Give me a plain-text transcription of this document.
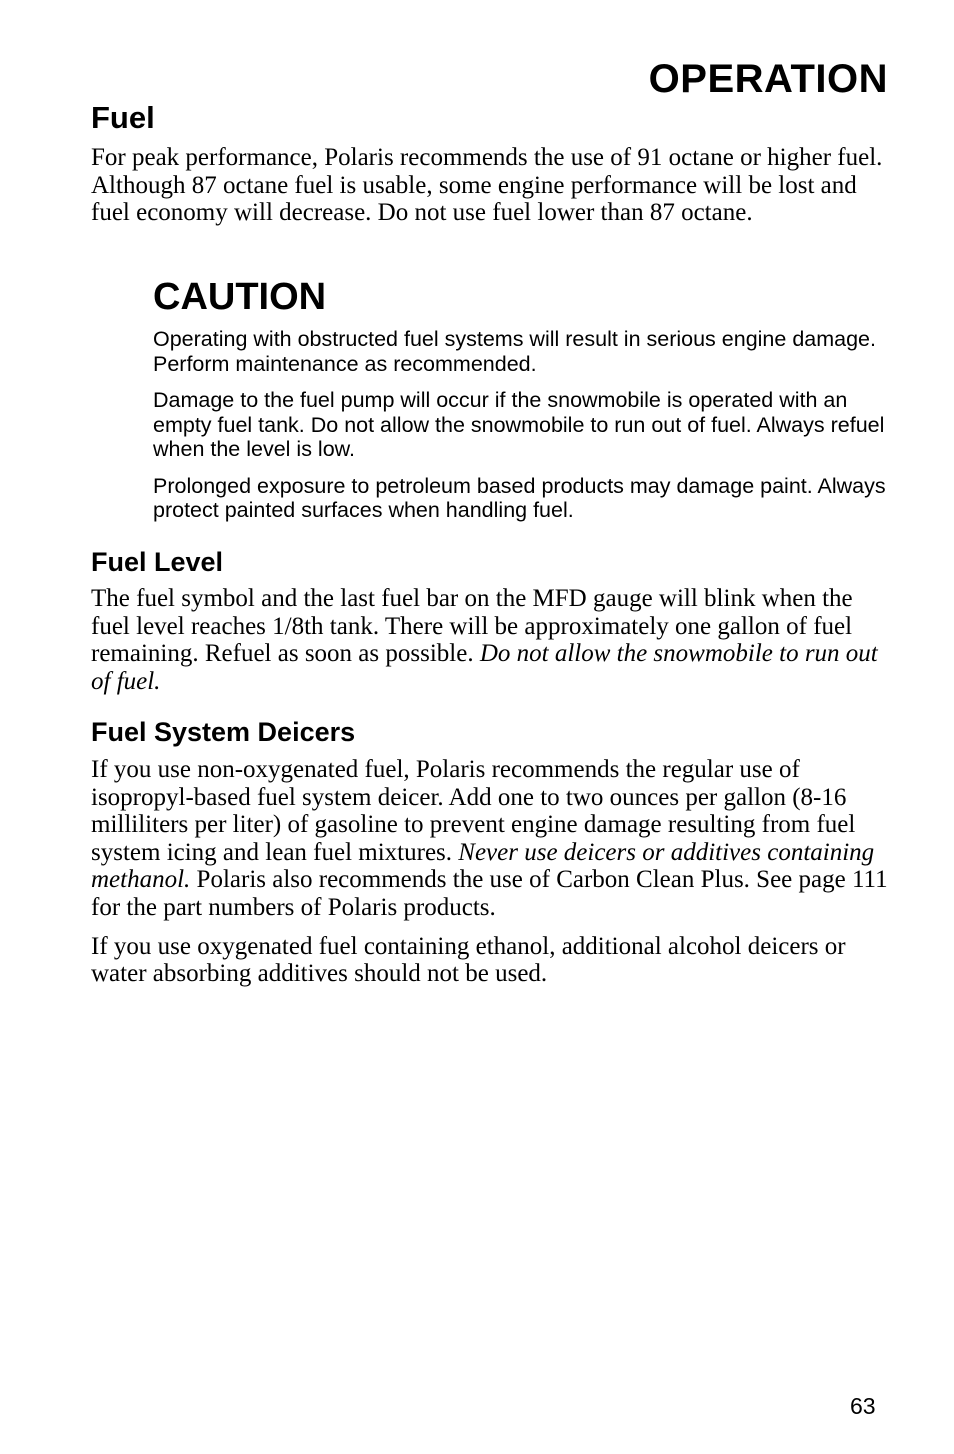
OPERATION
Fuel

For peak performance, Polaris recommends the use of 91 octane or higher fuel. Although 87 octane fuel is usable, some engine performance will be lost and fuel economy will decrease. Do not use fuel lower than 87 octane.

CAUTION

Operating with obstructed fuel systems will result in serious engine damage. Perform maintenance as recommended.

Damage to the fuel pump will occur if the snowmobile is operated with an empty fuel tank. Do not allow the snowmobile to run out of fuel. Always refuel when the level is low.

Prolonged exposure to petroleum based products may damage paint. Always protect painted surfaces when handling fuel.

Fuel Level

The fuel symbol and the last fuel bar on the MFD gauge will blink when the fuel level reaches 1/8th tank. There will be approximately one gallon of fuel remaining. Refuel as soon as possible. Do not allow the snowmobile to run out of fuel.

Fuel System Deicers

If you use non-oxygenated fuel, Polaris recommends the regular use of isopropyl-based fuel system deicer. Add one to two ounces per gallon (8-16 milliliters per liter) of gasoline to prevent engine damage resulting from fuel system icing and lean fuel mixtures. Never use deicers or additives containing methanol. Polaris also recommends the use of Carbon Clean Plus. See page 111 for the part numbers of Polaris products.

If you use oxygenated fuel containing ethanol, additional alcohol deicers or water absorbing additives should not be used.

63
